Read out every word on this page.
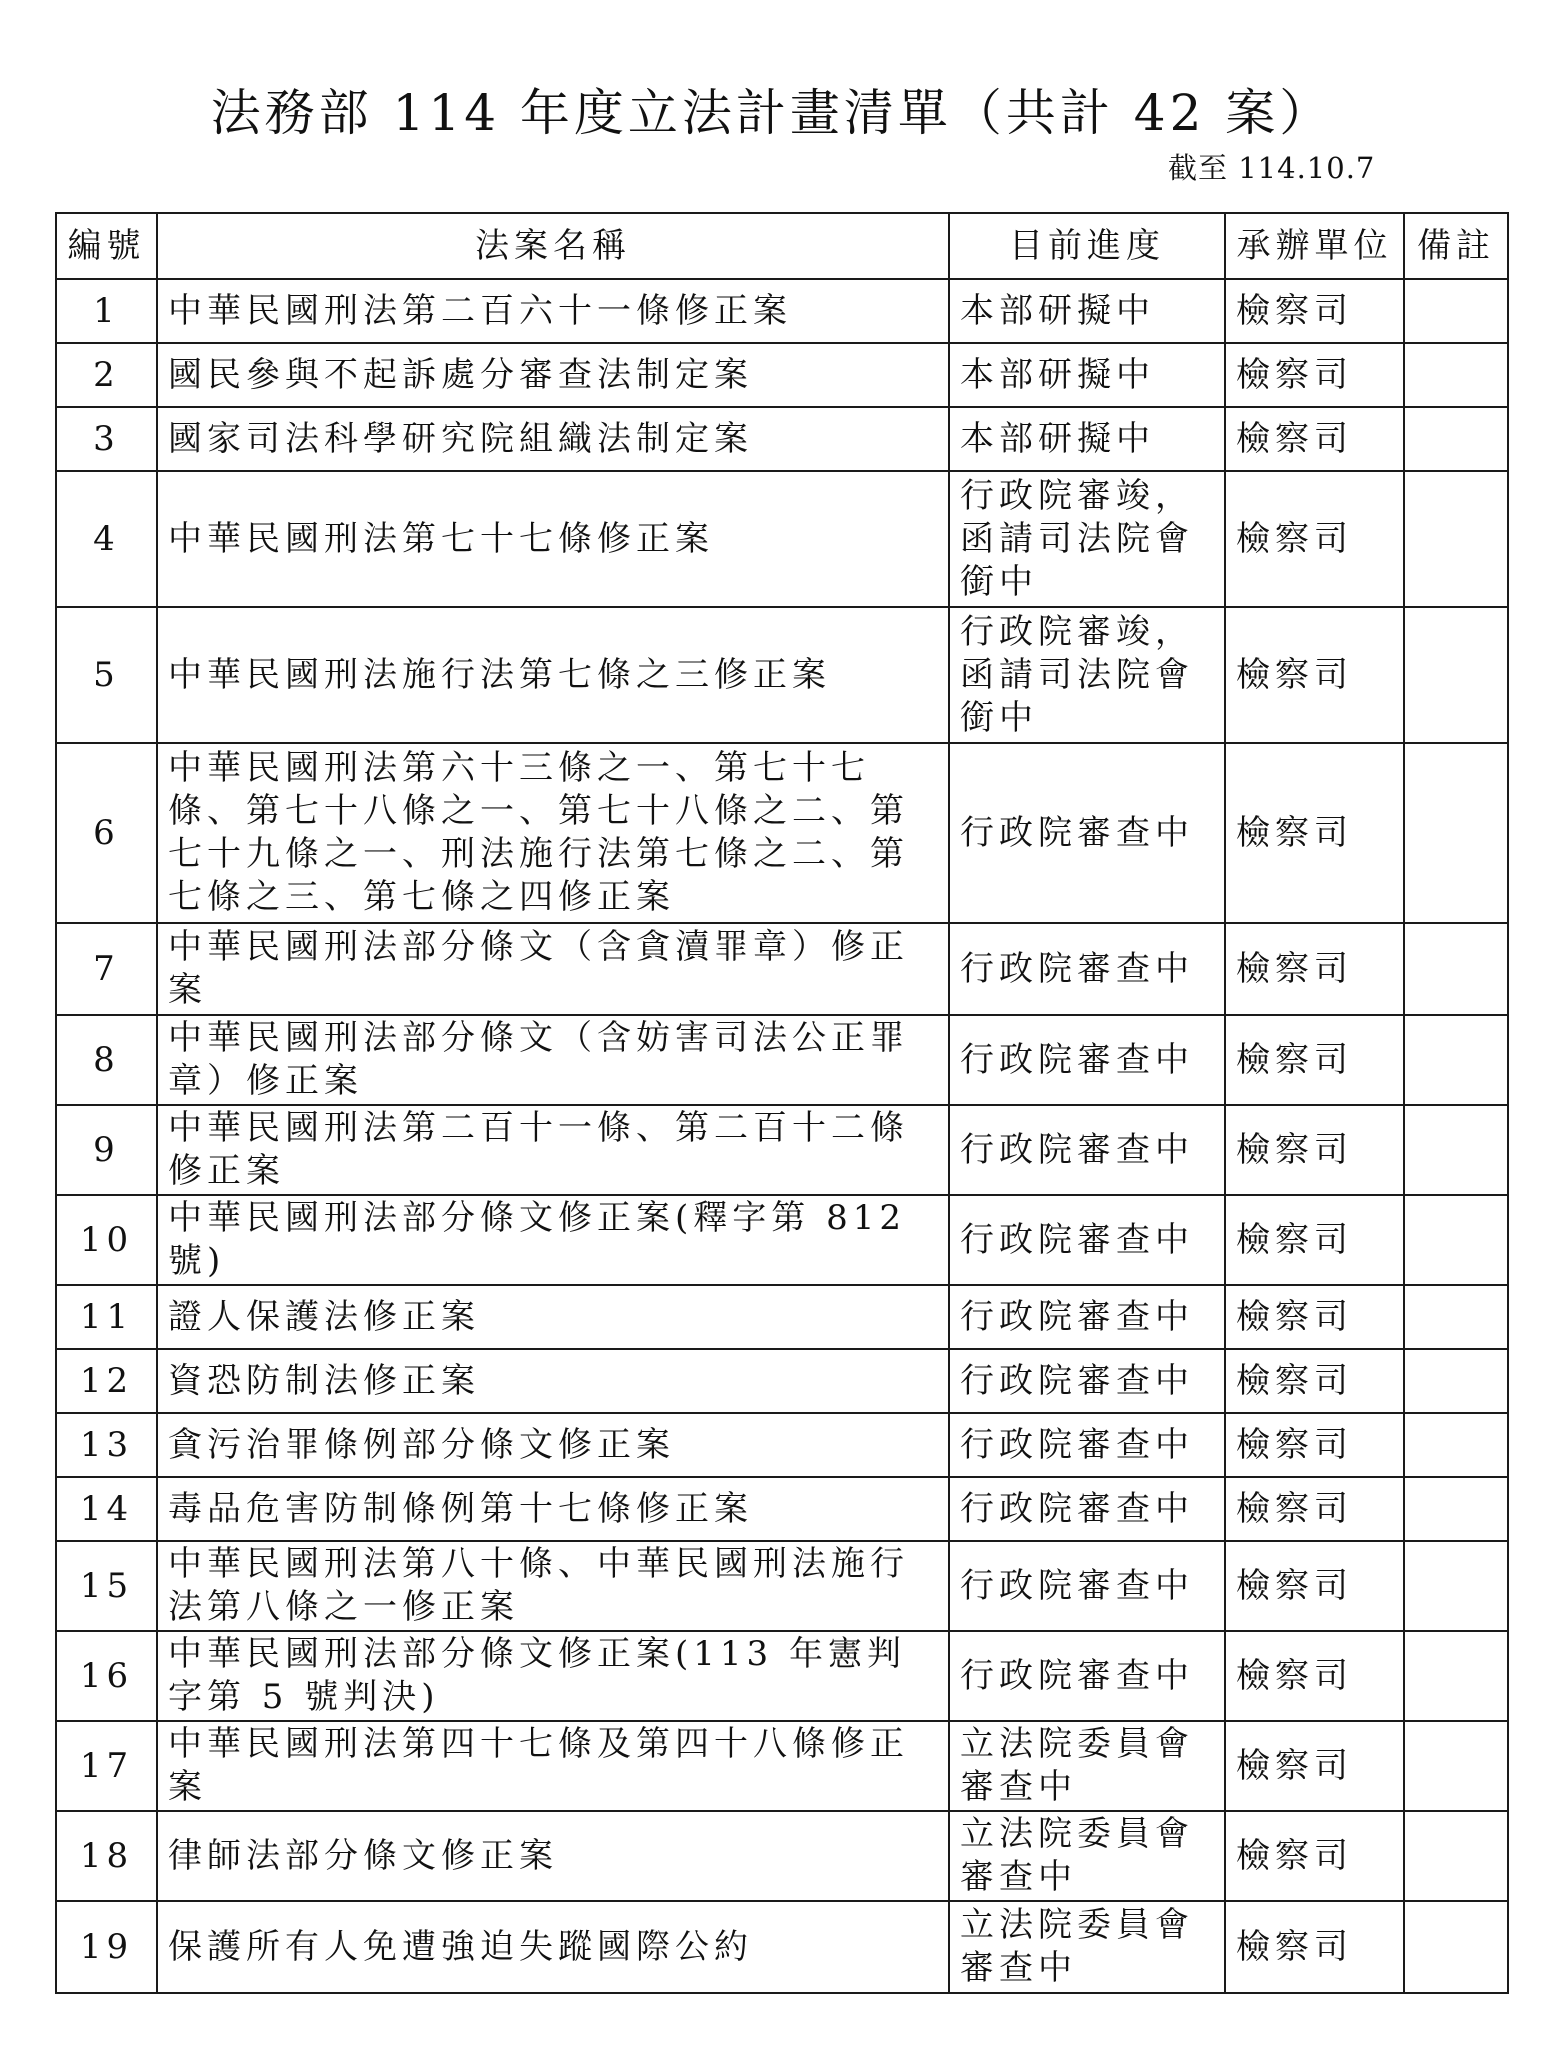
法務部 114 年度立法計畫清單（共計 42 案）
截至 114.10.7
編號	法案名稱	目前進度	承辦單位	備註
1	中華民國刑法第二百六十一條修正案	本部研擬中	檢察司	
2	國民參與不起訴處分審查法制定案	本部研擬中	檢察司	
3	國家司法科學研究院組織法制定案	本部研擬中	檢察司	
4	中華民國刑法第七十七條修正案	行政院審竣，函請司法院會銜中	檢察司	
5	中華民國刑法施行法第七條之三修正案	行政院審竣，函請司法院會銜中	檢察司	
6	中華民國刑法第六十三條之一、第七十七條、第七十八條之一、第七十八條之二、第七十九條之一、刑法施行法第七條之二、第七條之三、第七條之四修正案	行政院審查中	檢察司	
7	中華民國刑法部分條文（含貪瀆罪章）修正案	行政院審查中	檢察司	
8	中華民國刑法部分條文（含妨害司法公正罪章）修正案	行政院審查中	檢察司	
9	中華民國刑法第二百十一條、第二百十二條修正案	行政院審查中	檢察司	
10	中華民國刑法部分條文修正案(釋字第 812 號)	行政院審查中	檢察司	
11	證人保護法修正案	行政院審查中	檢察司	
12	資恐防制法修正案	行政院審查中	檢察司	
13	貪污治罪條例部分條文修正案	行政院審查中	檢察司	
14	毒品危害防制條例第十七條修正案	行政院審查中	檢察司	
15	中華民國刑法第八十條、中華民國刑法施行法第八條之一修正案	行政院審查中	檢察司	
16	中華民國刑法部分條文修正案(113 年憲判字第 5 號判決)	行政院審查中	檢察司	
17	中華民國刑法第四十七條及第四十八條修正案	立法院委員會審查中	檢察司	
18	律師法部分條文修正案	立法院委員會審查中	檢察司	
19	保護所有人免遭強迫失蹤國際公約	立法院委員會審查中	檢察司	
